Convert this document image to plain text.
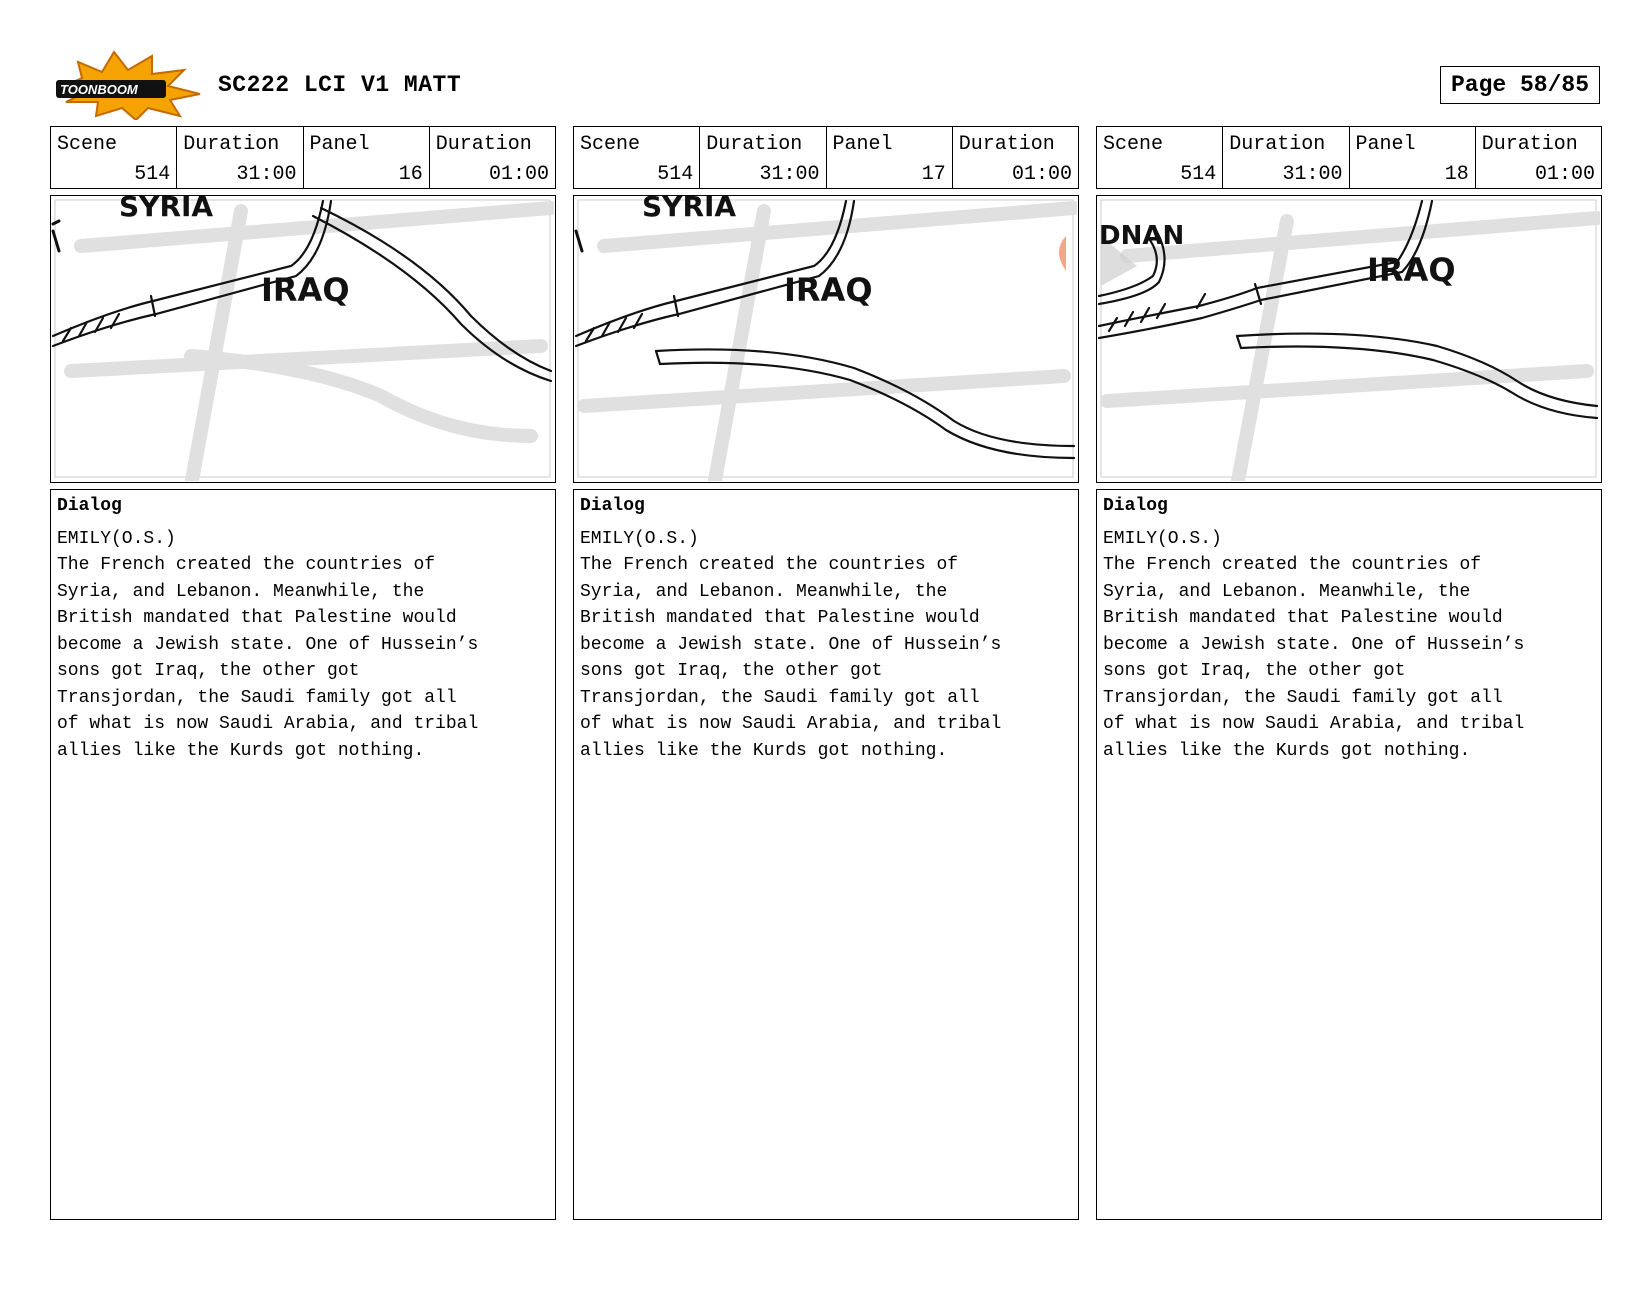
TOONBOOM	SC222 LCI V1 MATT	Page 58/85
Scene
514
Duration
31:00
Panel
16
Duration
01:00
SYRIA
IRAQ
Dialog
EMILY(O.S.)
The French created the countries of
Syria, and Lebanon. Meanwhile, the
British mandated that Palestine would
become a Jewish state. One of Hussein’s
sons got Iraq, the other got
Transjordan, the Saudi family got all
of what is now Saudi Arabia, and tribal
allies like the Kurds got nothing.
Scene
514
Duration
31:00
Panel
17
Duration
01:00
SYRIA
IRAQ
Dialog
EMILY(O.S.)
The French created the countries of
Syria, and Lebanon. Meanwhile, the
British mandated that Palestine would
become a Jewish state. One of Hussein’s
sons got Iraq, the other got
Transjordan, the Saudi family got all
of what is now Saudi Arabia, and tribal
allies like the Kurds got nothing.
Scene
514
Duration
31:00
Panel
18
Duration
01:00
DNAN
IRAQ
Dialog
EMILY(O.S.)
The French created the countries of
Syria, and Lebanon. Meanwhile, the
British mandated that Palestine would
become a Jewish state. One of Hussein’s
sons got Iraq, the other got
Transjordan, the Saudi family got all
of what is now Saudi Arabia, and tribal
allies like the Kurds got nothing.
